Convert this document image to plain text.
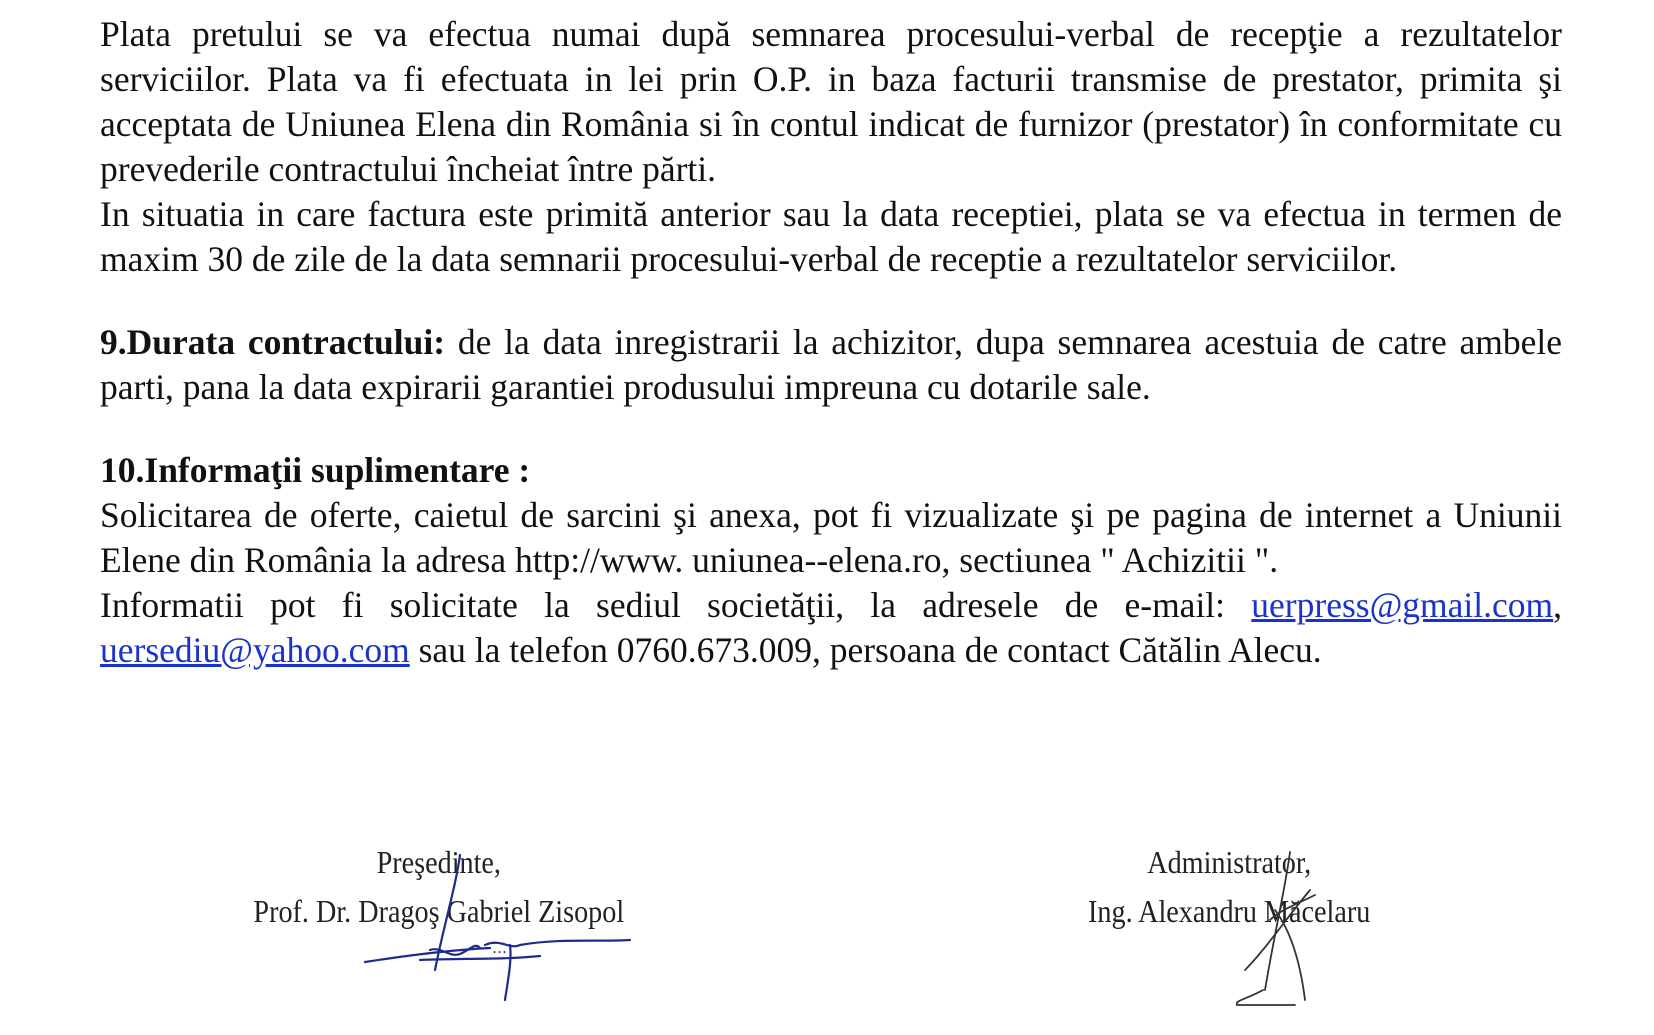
Plata pretului se va efectua numai după semnarea procesului-verbal de recepţie a rezultatelor serviciilor. Plata va fi efectuata in lei prin O.P. in baza facturii transmise de prestator, primita şi acceptata de Uniunea Elena din România si în contul indicat de furnizor (prestator) în conformitate cu prevederile contractului încheiat între părti.

In situatia in care factura este primită anterior sau la data receptiei, plata se va efectua in termen de maxim 30 de zile de la data semnarii procesului-verbal de receptie a rezultatelor serviciilor.

9.Durata contractului: de la data inregistrarii la achizitor, dupa semnarea acestuia de catre ambele parti, pana la data expirarii garantiei produsului impreuna cu dotarile sale.

10.Informaţii suplimentare :

Solicitarea de oferte, caietul de sarcini şi anexa, pot fi vizualizate şi pe pagina de internet a Uniunii Elene din România la adresa http://www. uniunea--elena.ro, sectiunea " Achizitii ".

Informatii pot fi solicitate la sediul societăţii, la adresele de e-mail: uerpress@gmail.com, uersediu@yahoo.com sau la telefon 0760.673.009, persoana de contact Cătălin Alecu.

Preşedinte,
Prof. Dr. Dragoş Gabriel Zisopol
Administrator,
Ing. Alexandru Măcelaru
…
